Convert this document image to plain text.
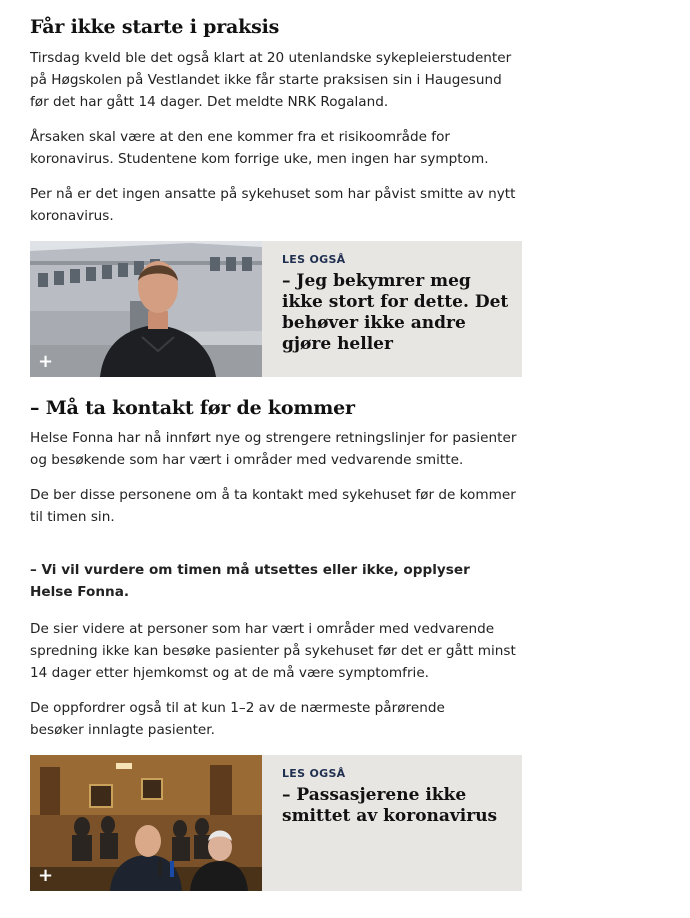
Får ikke starte i praksis

Tirsdag kveld ble det også klart at 20 utenlandske sykepleierstudenter på Høgskolen på Vestlandet ikke får starte praksisen sin i Haugesund før det har gått 14 dager. Det meldte NRK Rogaland.

Årsaken skal være at den ene kommer fra et risikoområde for koronavirus. Studentene kom forrige uke, men ingen har symptom.

Per nå er det ingen ansatte på sykehuset som har påvist smitte av nytt koronavirus.

+
LES OGSÅ
– Jeg bekymrer meg ikke stort for dette. Det behøver ikke andre gjøre heller
– Må ta kontakt før de kommer

Helse Fonna har nå innført nye og strengere retningslinjer for pasienter og besøkende som har vært i områder med vedvarende smitte.

De ber disse personene om å ta kontakt med sykehuset før de kommer til timen sin.

– Vi vil vurdere om timen må utsettes eller ikke, opplyser Helse Fonna.

De sier videre at personer som har vært i områder med vedvarende spredning ikke kan besøke pasienter på sykehuset før det er gått minst 14 dager etter hjemkomst og at de må være symptomfrie.

De oppfordrer også til at kun 1–2 av de nærmeste pårørende besøker innlagte pasienter.

+
LES OGSÅ
– Passasjerene ikke smittet av koronavirus
